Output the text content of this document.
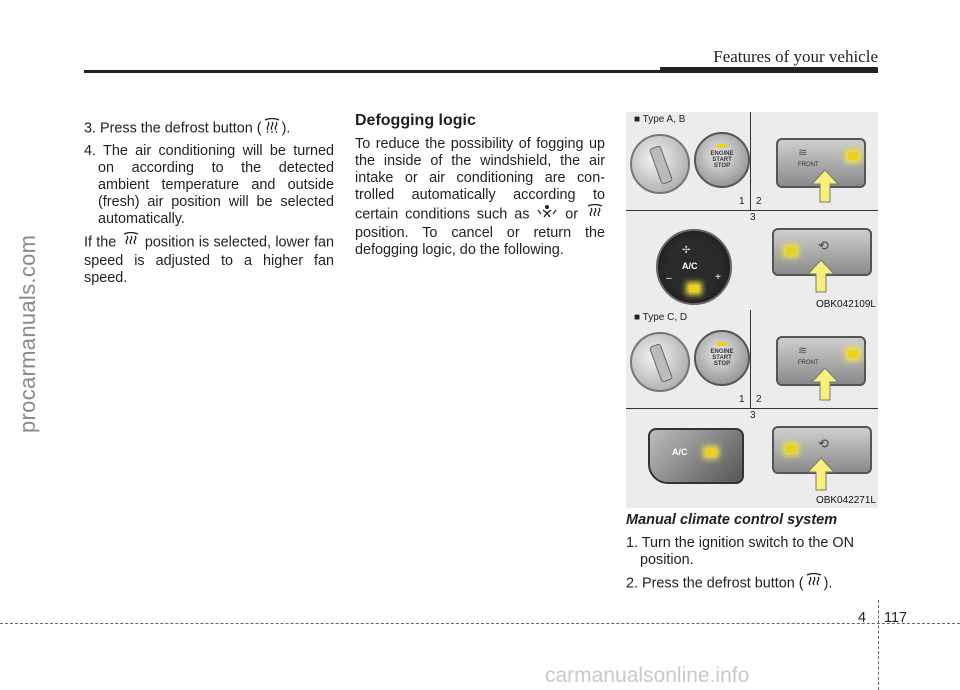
Features of your vehicle
procarmanuals.com
carmanualsonline.info
3. Press the defrost button ( ).
4. The air conditioning will be turned
on according to the detected ambient temperature and outside (fresh) air position will be selected automatically.
If the position is selected, lower fan speed is adjusted to a higher fan speed.
Defogging logic
To reduce the possibility of fogging up the inside of the windshield, the air intake or air conditioning are con-trolled automatically according to certain conditions such as or  position. To cancel or return the defogging logic, do the following.
■ Type A, B
ENGINE
START
STOP
1 2
3
≋
FRONT
✢
A/C
–	+
⟲
OBK042109L
■ Type C, D
ENGINE
START
STOP
1 2
3
≋
FRONT
A/C
⟲
OBK042271L
Manual climate control system
1. Turn the ignition switch to the ON
position.
2. Press the defrost button ( ).
4 117
